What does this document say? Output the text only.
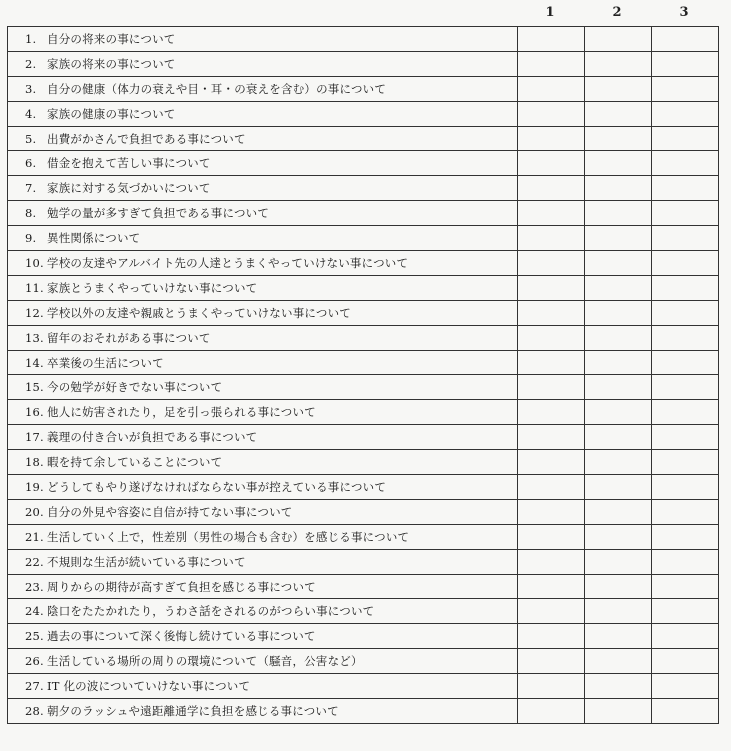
1	2	3
1. 自分の将来の事について			
2. 家族の将来の事について			
3. 自分の健康（体力の衰えや目・耳・の衰えを含む）の事について			
4. 家族の健康の事について			
5. 出費がかさんで負担である事について			
6. 借金を抱えて苦しい事について			
7. 家族に対する気づかいについて			
8. 勉学の量が多すぎて負担である事について			
9. 異性関係について			
10. 学校の友達やアルバイト先の人達とうまくやっていけない事について			
11. 家族とうまくやっていけない事について			
12. 学校以外の友達や親戚とうまくやっていけない事について			
13. 留年のおそれがある事について			
14. 卒業後の生活について			
15. 今の勉学が好きでない事について			
16. 他人に妨害されたり，足を引っ張られる事について			
17. 義理の付き合いが負担である事について			
18. 暇を持て余していることについて			
19. どうしてもやり遂げなければならない事が控えている事について			
20. 自分の外見や容姿に自信が持てない事について			
21. 生活していく上で，性差別（男性の場合も含む）を感じる事について			
22. 不規則な生活が続いている事について			
23. 周りからの期待が高すぎて負担を感じる事について			
24. 陰口をたたかれたり，うわさ話をされるのがつらい事について			
25. 過去の事について深く後悔し続けている事について			
26. 生活している場所の周りの環境について（騒音，公害など）			
27. IT 化の波についていけない事について			
28. 朝夕のラッシュや遠距離通学に負担を感じる事について			
